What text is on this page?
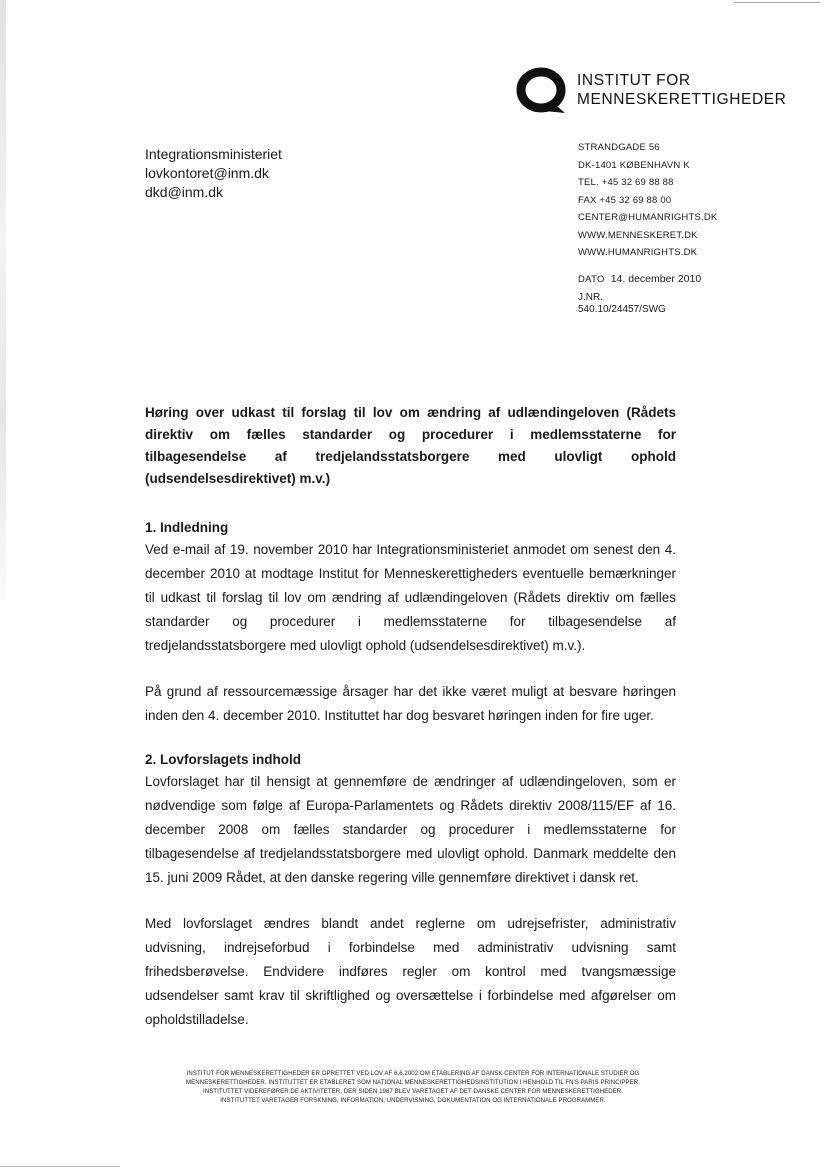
INSTITUT FOR
MENNESKERETTIGHEDER
Integrationsministeriet
lovkontoret@inm.dk
dkd@inm.dk
STRANDGADE 56
DK-1401 KØBENHAVN K
TEL. +45 32 69 88 88
FAX +45 32 69 88 00
CENTER@HUMANRIGHTS.DK
WWW.MENNESKERET.DK
WWW.HUMANRIGHTS.DK
DATO 14. december 2010
J.NR.
540.10/24457/SWG

Høring over udkast til forslag til lov om ændring af udlændingeloven (Rådets direktiv om fælles standarder og procedurer i medlemsstaterne for tilbagesendelse af tredjelandsstatsborgere med ulovligt ophold (udsendelsesdirektivet) m.v.)

1. Indledning

Ved e-mail af 19. november 2010 har Integrationsministeriet anmodet om senest den 4. december 2010 at modtage Institut for Menneskerettigheders eventuelle bemærkninger til udkast til forslag til lov om ændring af udlændingeloven (Rådets direktiv om fælles standarder og procedurer i medlemsstaterne for tilbagesendelse af tredjelandsstatsborgere med ulovligt ophold (udsendelsesdirektivet) m.v.).

På grund af ressourcemæssige årsager har det ikke været muligt at besvare høringen inden den 4. december 2010. Instituttet har dog besvaret høringen inden for fire uger.

2. Lovforslagets indhold

Lovforslaget har til hensigt at gennemføre de ændringer af udlændingeloven, som er nødvendige som følge af Europa-Parlamentets og Rådets direktiv 2008/115/EF af 16. december 2008 om fælles standarder og procedurer i medlemsstaterne for tilbagesendelse af tredjelandsstatsborgere med ulovligt ophold. Danmark meddelte den 15. juni 2009 Rådet, at den danske regering ville gennemføre direktivet i dansk ret.

Med lovforslaget ændres blandt andet reglerne om udrejsefrister, administrativ udvisning, indrejseforbud i forbindelse med administrativ udvisning samt frihedsberøvelse. Endvidere indføres regler om kontrol med tvangsmæssige udsendelser samt krav til skriftlighed og oversættelse i forbindelse med afgørelser om opholdstilladelse.

INSTITUT FOR MENNESKERETTIGHEDER ER OPRETTET VED LOV AF 6.6.2002 OM ETABLERING AF DANSK CENTER FOR INTERNATIONALE STUDIER OG
MENNESKERETTIGHEDER. INSTITUTTET ER ETABLERET SOM NATIONAL MENNESKERETTIGHEDSINSTITUTION I HENHOLD TIL FN'S PARIS PRINCIPPER.
INSTITUTTET VIDEREFØRER DE AKTIVITETER, DER SIDEN 1987 BLEV VARETAGET AF DET DANSKE CENTER FOR MENNESKERETTIGHEDER.
INSTITUTTET VARETAGER FORSKNING, INFORMATION, UNDERVISNING, DOKUMENTATION OG INTERNATIONALE PROGRAMMER.
